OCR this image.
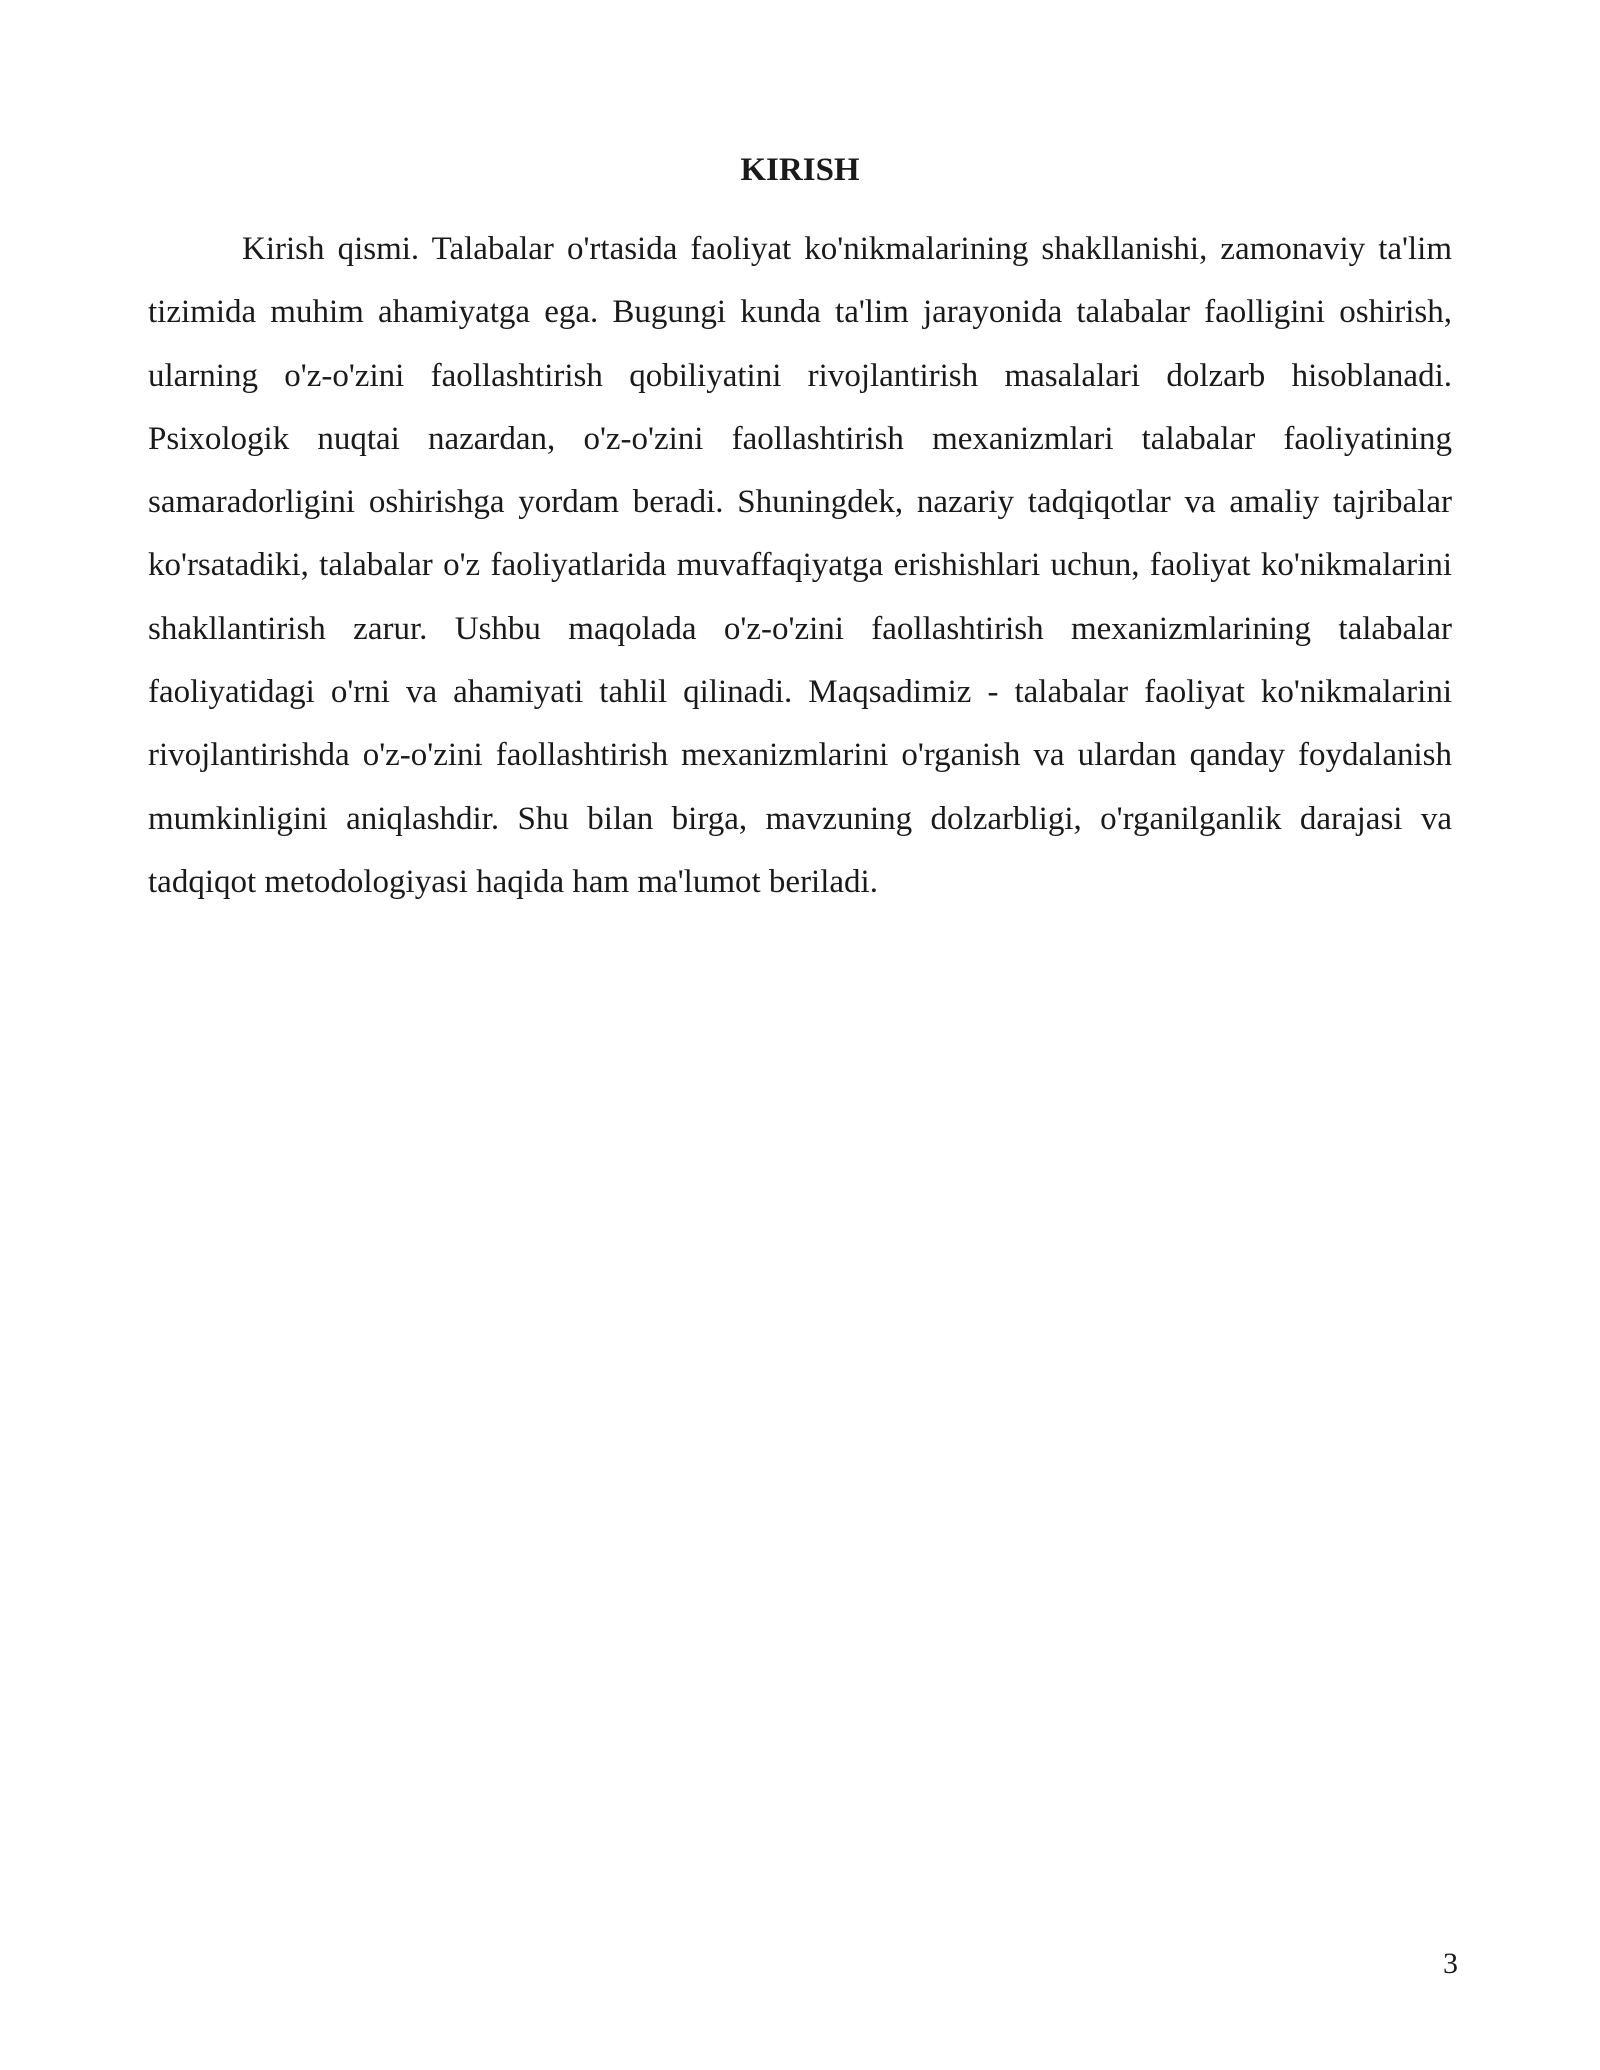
KIRISH

Kirish qismi. Talabalar o'rtasida faoliyat ko'nikmalarining shakllanishi, zamonaviy ta'lim tizimida muhim ahamiyatga ega. Bugungi kunda ta'lim jarayonida talabalar faolligini oshirish, ularning o'z-o'zini faollashtirish qobiliyatini rivojlantirish masalalari dolzarb hisoblanadi. Psixologik nuqtai nazardan, o'z-o'zini faollashtirish mexanizmlari talabalar faoliyatining samaradorligini oshirishga yordam beradi. Shuningdek, nazariy tadqiqotlar va amaliy tajribalar ko'rsatadiki, talabalar o'z faoliyatlarida muvaffaqiyatga erishishlari uchun, faoliyat ko'nikmalarini shakllantirish zarur. Ushbu maqolada o'z-o'zini faollashtirish mexanizmlarining talabalar faoliyatidagi o'rni va ahamiyati tahlil qilinadi. Maqsadimiz - talabalar faoliyat ko'nikmalarini rivojlantirishda o'z-o'zini faollashtirish mexanizmlarini o'rganish va ulardan qanday foydalanish mumkinligini aniqlashdir. Shu bilan birga, mavzuning dolzarbligi, o'rganilganlik darajasi va tadqiqot metodologiyasi haqida ham ma'lumot beriladi.

3
